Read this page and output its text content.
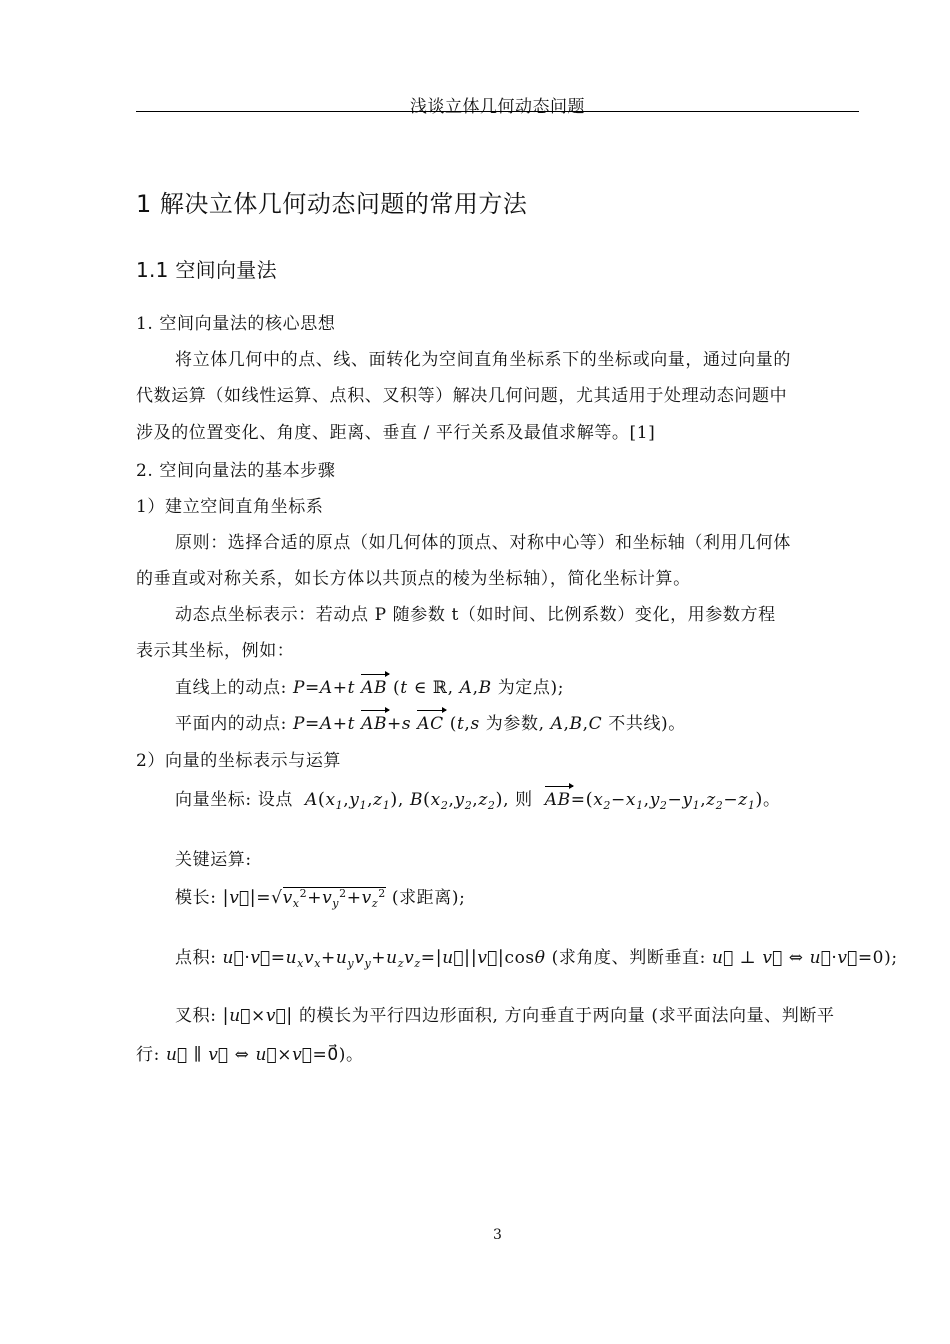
浅谈立体几何动态问题
1 解决立体几何动态问题的常用方法
1.1 空间向量法
1. 空间向量法的核心思想
将立体几何中的点、线、面转化为空间直角坐标系下的坐标或向量，通过向量的
代数运算（如线性运算、点积、叉积等）解决几何问题，尤其适用于处理动态问题中
涉及的位置变化、角度、距离、垂直 / 平行关系及最值求解等。[1]
2. 空间向量法的基本步骤
1）建立空间直角坐标系
原则：选择合适的原点（如几何体的顶点、对称中心等）和坐标轴（利用几何体
的垂直或对称关系，如长方体以共顶点的棱为坐标轴），简化坐标计算。
动态点坐标表示：若动点 P 随参数 t（如时间、比例系数）变化，用参数方程
表示其坐标，例如：
直线上的动点: P=A+t AB (t ∈ ℝ, A,B 为定点);
平面内的动点: P=A+t AB+s AC (t,s 为参数, A,B,C 不共线)。
2）向量的坐标表示与运算
向量坐标: 设点 $A(x_1,y_1,z_1)$, $B(x_2,y_2,z_2)$, 则 $AB=(x_2-x_1,y_2-y_1,z_2-z_1)$。
关键运算:
模长: $|v⃗|=√v_x^2+v_y^2+v_z^2$ (求距离);
点积: $u⃗\cdot v⃗=u_xv_x+u_yv_y+u_zv_z=|u⃗||v⃗|\cos\theta$ (求角度、判断垂直: u⃗ ⊥ v⃗ ⇔ u⃗·v⃗=0);
叉积: |u⃗×v⃗| 的模长为平行四边形面积, 方向垂直于两向量 (求平面法向量、判断平
行: u⃗ ∥ v⃗ ⇔ u⃗×v⃗=0⃗)。
3
